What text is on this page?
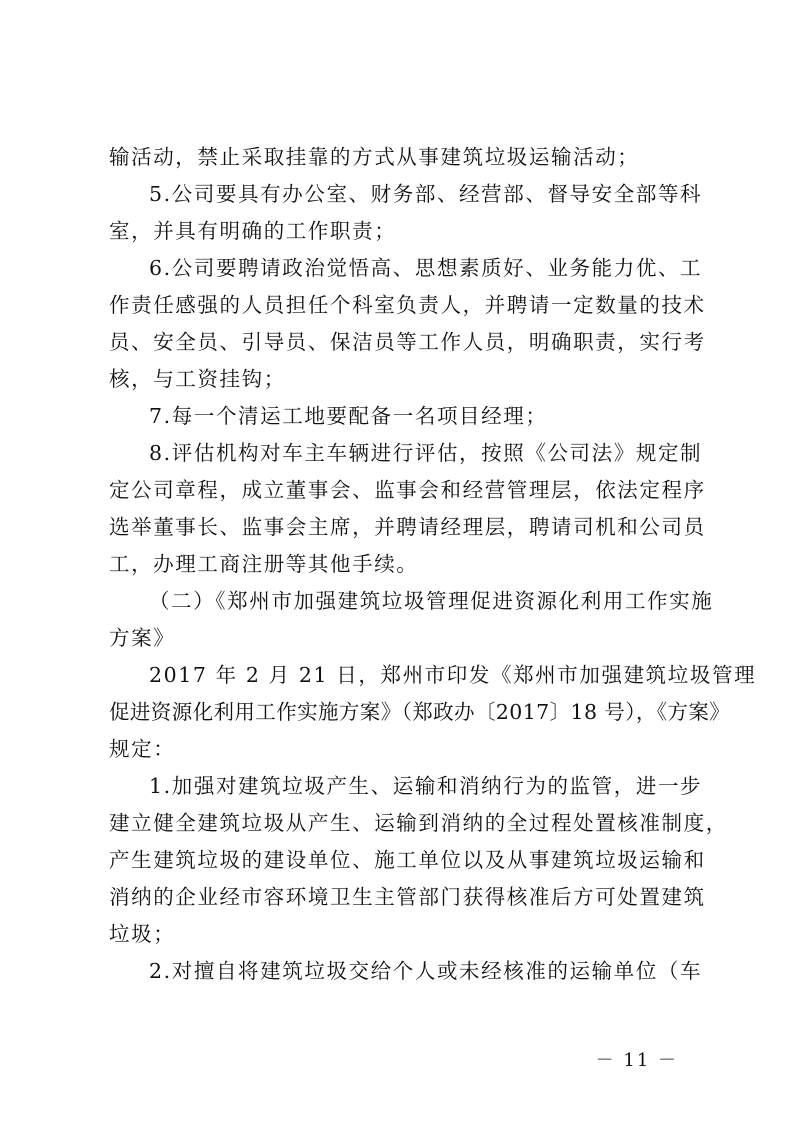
输活动，禁止采取挂靠的方式从事建筑垃圾运输活动；
5.公司要具有办公室、财务部、经营部、督导安全部等科
室，并具有明确的工作职责；
6.公司要聘请政治觉悟高、思想素质好、业务能力优、工
作责任感强的人员担任个科室负责人，并聘请一定数量的技术
员、安全员、引导员、保洁员等工作人员，明确职责，实行考
核，与工资挂钩；
7.每一个清运工地要配备一名项目经理；
8.评估机构对车主车辆进行评估，按照《公司法》规定制
定公司章程，成立董事会、监事会和经营管理层，依法定程序
选举董事长、监事会主席，并聘请经理层，聘请司机和公司员
工，办理工商注册等其他手续。
（二）《郑州市加强建筑垃圾管理促进资源化利用工作实施
方案》
2017 年 2 月 21 日，郑州市印发《郑州市加强建筑垃圾管理
促进资源化利用工作实施方案》（郑政办〔2017〕18 号），《方案》
规定：
1.加强对建筑垃圾产生、运输和消纳行为的监管，进一步
建立健全建筑垃圾从产生、运输到消纳的全过程处置核准制度，
产生建筑垃圾的建设单位、施工单位以及从事建筑垃圾运输和
消纳的企业经市容环境卫生主管部门获得核准后方可处置建筑
垃圾；
2.对擅自将建筑垃圾交给个人或未经核准的运输单位（车
－ 11 －
